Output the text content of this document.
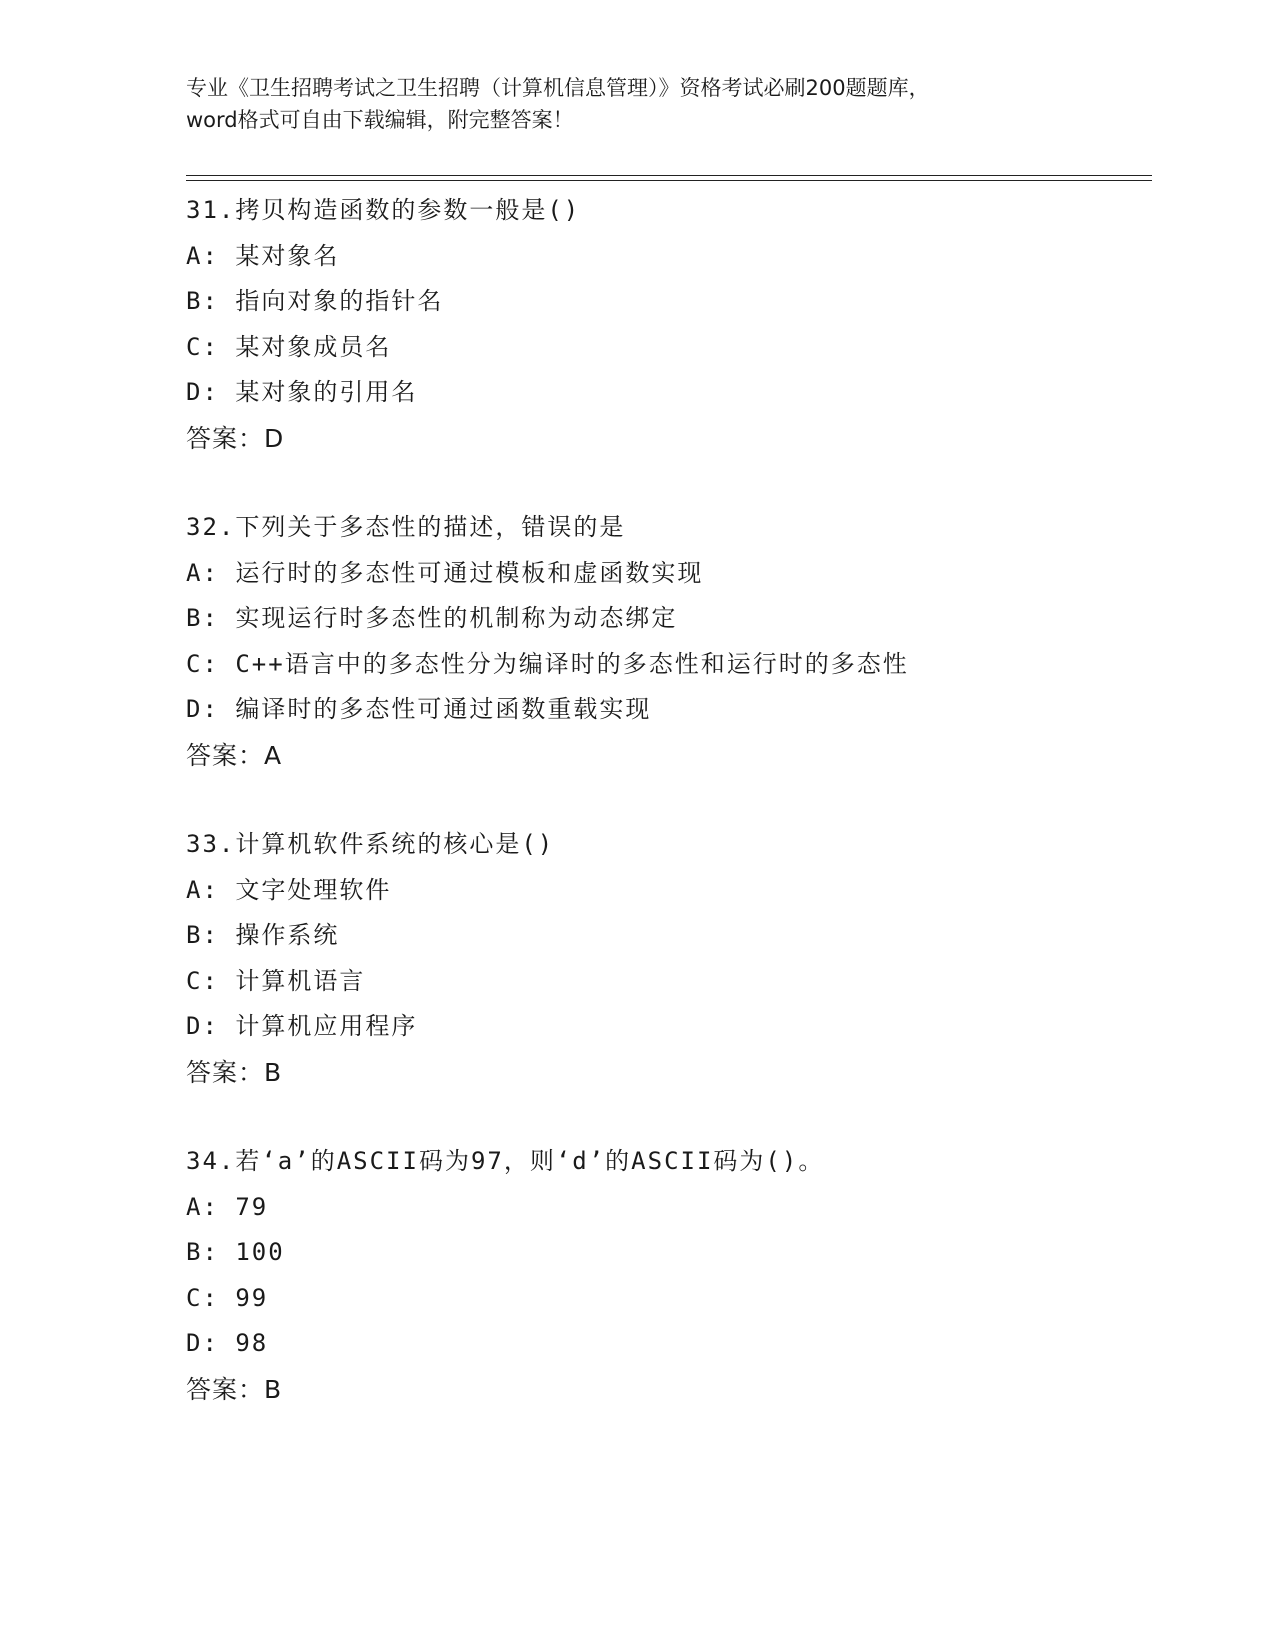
专业《卫生招聘考试之卫生招聘（计算机信息管理）》资格考试必刷200题题库，
word格式可自由下载编辑，附完整答案！
31.拷贝构造函数的参数一般是()
A: 某对象名
B: 指向对象的指针名
C: 某对象成员名
D: 某对象的引用名
答案：D
32.下列关于多态性的描述，错误的是
A: 运行时的多态性可通过模板和虚函数实现
B: 实现运行时多态性的机制称为动态绑定
C: C++语言中的多态性分为编译时的多态性和运行时的多态性
D: 编译时的多态性可通过函数重载实现
答案：A
33.计算机软件系统的核心是()
A: 文字处理软件
B: 操作系统
C: 计算机语言
D: 计算机应用程序
答案：B
34.若‘a’的ASCII码为97，则‘d’的ASCII码为()。
A: 79
B: 100
C: 99
D: 98
答案：B
